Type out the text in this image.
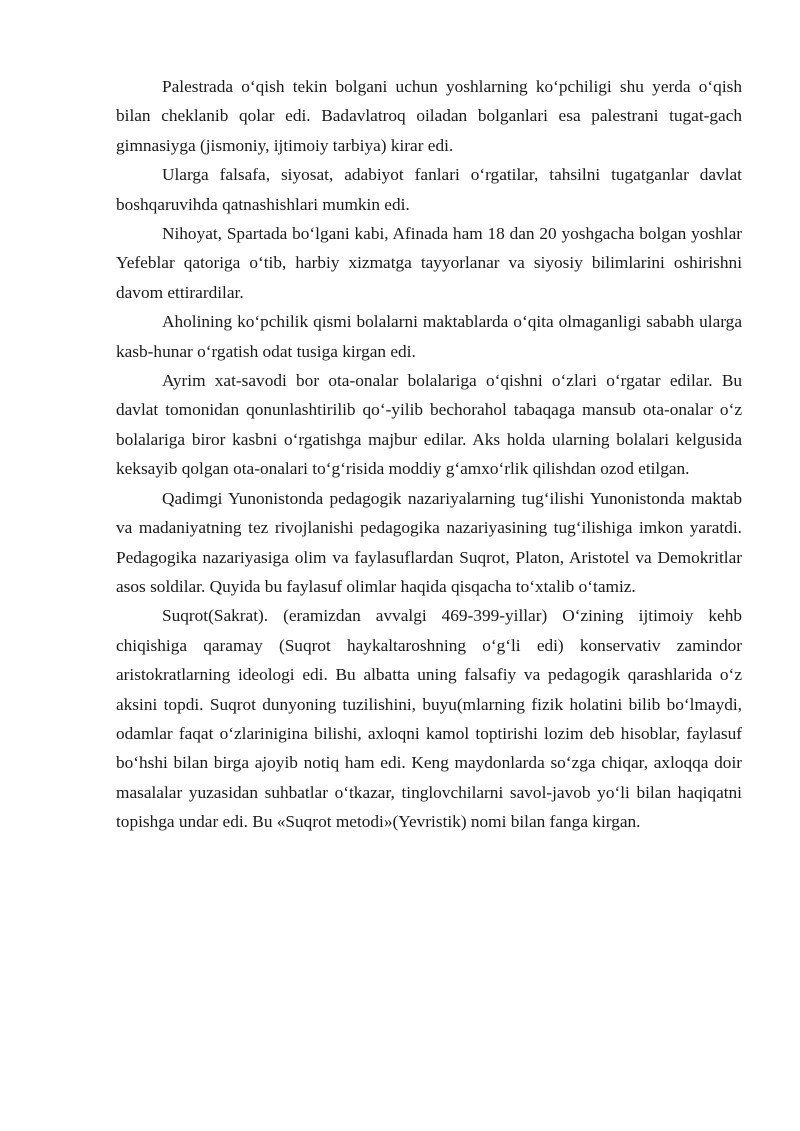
Palestrada o‘qish tekin bolgani uchun yoshlarning ko‘pchiligi shu yerda o‘qish bilan cheklanib qolar edi. Badavlatroq oiladan bolganlari esa palestrani tugat-gach gimnasiyga (jismoniy, ijtimoiy tarbiya) kirar edi.

Ularga falsafa, siyosat, adabiyot fanlari o‘rgatilar, tahsilni tugatganlar davlat boshqaruvihda qatnashishlari mumkin edi.

Nihoyat, Spartada bo‘lgani kabi, Afinada ham 18 dan 20 yoshgacha bolgan yoshlar Yefeblar qatoriga o‘tib, harbiy xizmatga tayyorlanar va siyosiy bilimlarini oshirishni davom ettirardilar.

Aholining ko‘pchilik qismi bolalarni maktablarda o‘qita olmaganligi sababh ularga kasb-hunar o‘rgatish odat tusiga kirgan edi.

Ayrim xat-savodi bor ota-onalar bolalariga o‘qishni o‘zlari o‘rgatar edilar. Bu davlat tomonidan qonunlashtirilib qo‘-yilib bechorahol tabaqaga mansub ota-onalar o‘z bolalariga biror kasbni o‘rgatishga majbur edilar. Aks holda ularning bolalari kelgusida keksayib qolgan ota-onalari to‘g‘risida moddiy g‘amxo‘rlik qilishdan ozod etilgan.

Qadimgi Yunonistonda pedagogik nazariyalarning tug‘ilishi Yunonistonda maktab va madaniyatning tez rivojlanishi pedagogika nazariyasining tug‘ilishiga imkon yaratdi. Pedagogika nazariyasiga olim va faylasuflardan Suqrot, Platon, Aristotel va Demokritlar asos soldilar. Quyida bu faylasuf olimlar haqida qisqacha to‘xtalib o‘tamiz.

Suqrot(Sakrat). (eramizdan avvalgi 469-399-yillar) O‘zining ijtimoiy kehb chiqishiga qaramay (Suqrot haykaltaroshning o‘g‘li edi) konservativ zamindor aristokratlarning ideologi edi. Bu albatta uning falsafiy va pedagogik qarashlarida o‘z aksini topdi. Suqrot dunyoning tuzilishini, buyu(mlarning fizik holatini bilib bo‘lmaydi, odamlar faqat o‘zlarinigina bilishi, axloqni kamol toptirishi lozim deb hisoblar, faylasuf bo‘hshi bilan birga ajoyib notiq ham edi. Keng maydonlarda so‘zga chiqar, axloqqa doir masalalar yuzasidan suhbatlar o‘tkazar, tinglovchilarni savol-javob yo‘li bilan haqiqatni topishga undar edi. Bu «Suqrot metodi»(Yevristik) nomi bilan fanga kirgan.
